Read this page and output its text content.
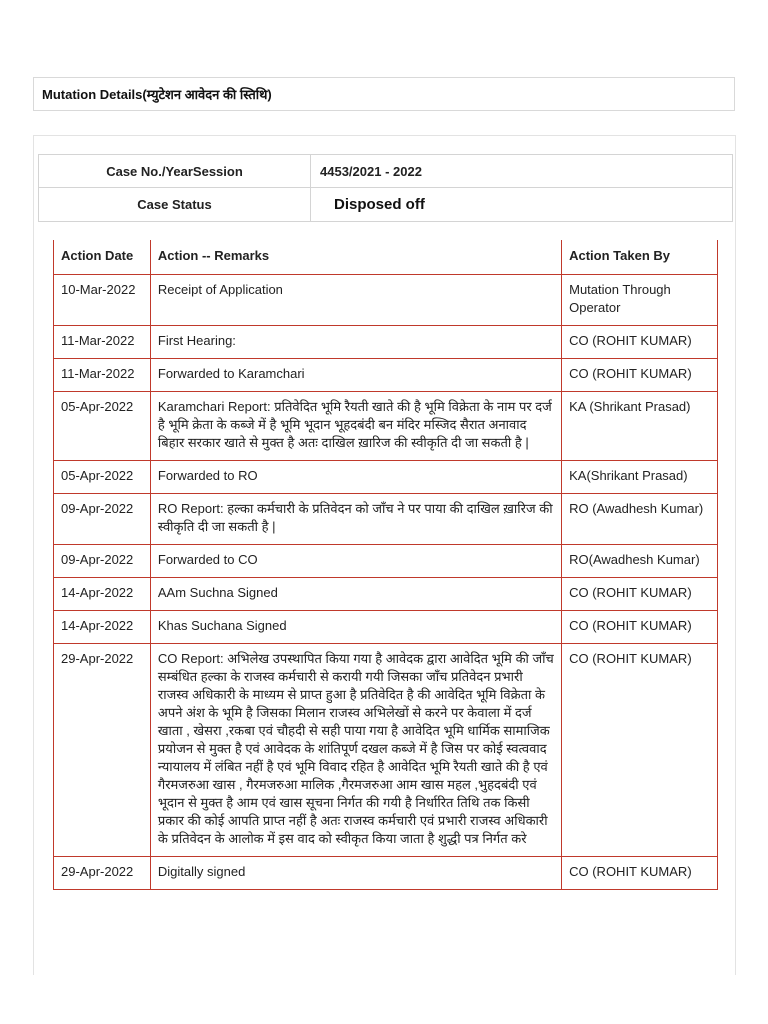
Mutation Details(म्युटेशन आवेदन की स्तिथि)
Case No./YearSession	4453/2021 - 2022
Case Status	Disposed off
Action Date	Action -- Remarks	Action Taken By
10-Mar-2022	Receipt of Application	Mutation Through Operator
11-Mar-2022	First Hearing:	CO (ROHIT KUMAR)
11-Mar-2022	Forwarded to Karamchari	CO (ROHIT KUMAR)
05-Apr-2022	Karamchari Report: प्रतिवेदित भूमि रैयती खाते की है भूमि विक्रेता के नाम पर दर्ज है भूमि क्रेता के कब्जे में है भूमि भूदान भूहदबंदी बन मंदिर मस्जिद सैरात अनावाद बिहार सरकार खाते से मुक्त है अतः दाखिल ख़ारिज की स्वीकृति दी जा सकती है |	KA (Shrikant Prasad)
05-Apr-2022	Forwarded to RO	KA(Shrikant Prasad)
09-Apr-2022	RO Report: हल्का कर्मचारी के प्रतिवेदन को जाँच ने पर पाया की दाखिल ख़ारिज की स्वीकृति दी जा सकती है |	RO (Awadhesh Kumar)
09-Apr-2022	Forwarded to CO	RO(Awadhesh Kumar)
14-Apr-2022	AAm Suchna Signed	CO (ROHIT KUMAR)
14-Apr-2022	Khas Suchana Signed	CO (ROHIT KUMAR)
29-Apr-2022	CO Report: अभिलेख उपस्थापित किया गया है आवेदक द्वारा आवेदित भूमि की जाँच सम्बंधित हल्का के राजस्व कर्मचारी से करायी गयी जिसका जाँच प्रतिवेदन प्रभारी राजस्व अधिकारी के माध्यम से प्राप्त हुआ है प्रतिवेदित है की आवेदित भूमि विक्रेता के अपने अंश के भूमि है जिसका मिलान राजस्व अभिलेखों से करने पर केवाला में दर्ज खाता , खेसरा ,रकबा एवं चौहदी से सही पाया गया है आवेदित भूमि धार्मिक सामाजिक प्रयोजन से मुक्त है एवं आवेदक के शांतिपूर्ण दखल कब्जे में है जिस पर कोई स्वत्ववाद न्यायालय में लंबित नहीं है एवं भूमि विवाद रहित है आवेदित भूमि रैयती खाते की है एवं गैरमजरुआ खास , गैरमजरुआ मालिक ,गैरमजरुआ आम खास महल ,भुहदबंदी एवं भूदान से मुक्त है आम एवं खास सूचना निर्गत की गयी है निर्धारित तिथि तक किसी प्रकार की कोई आपति प्राप्त नहीं है अतः राजस्व कर्मचारी एवं प्रभारी राजस्व अधिकारी के प्रतिवेदन के आलोक में इस वाद को स्वीकृत किया जाता है शुद्धी पत्र निर्गत करे	CO (ROHIT KUMAR)
29-Apr-2022	Digitally signed	CO (ROHIT KUMAR)
